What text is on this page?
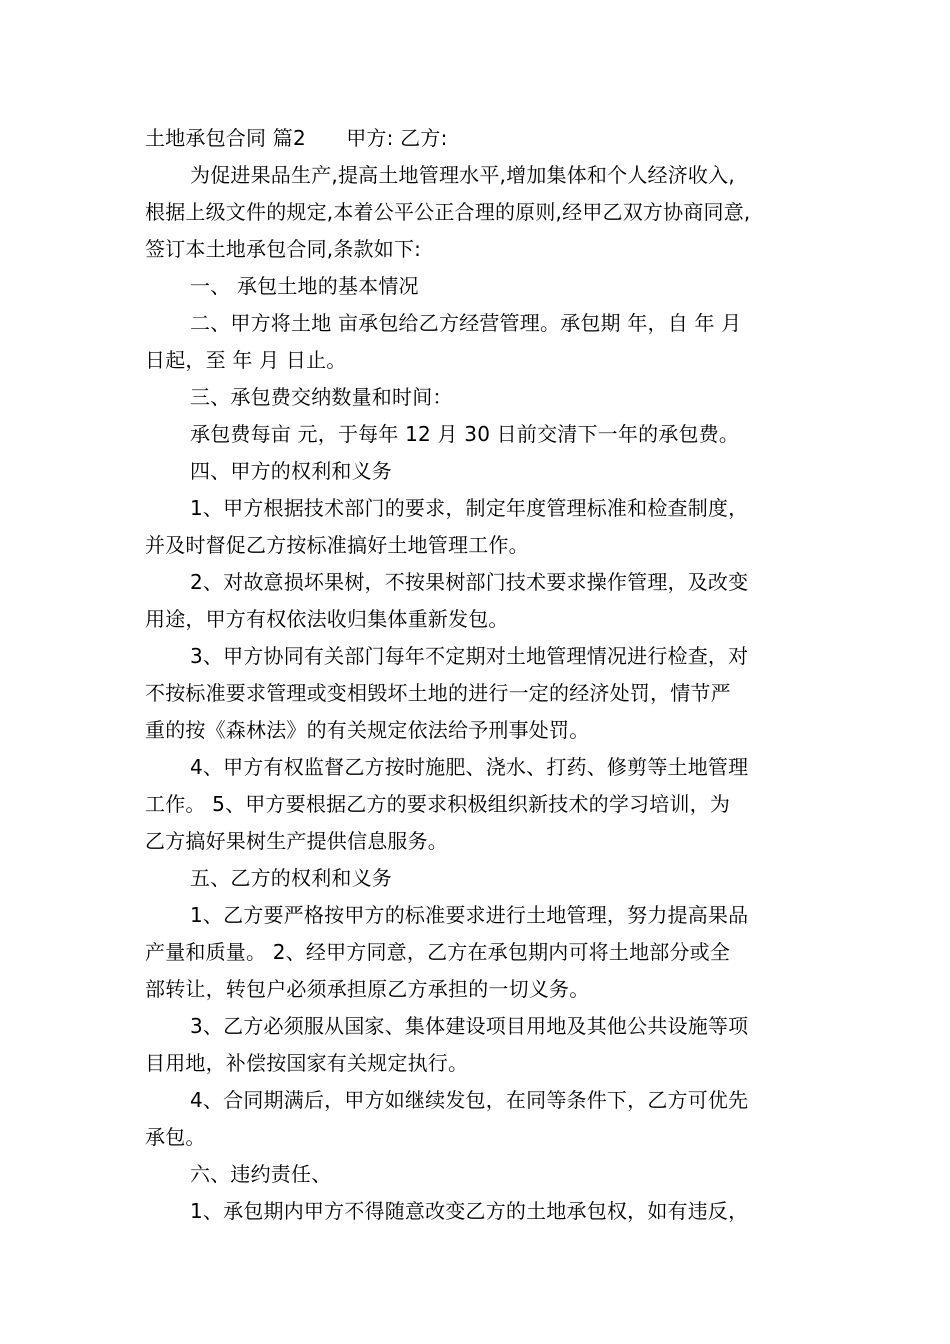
土地承包合同 篇2　　甲方: 乙方:
为促进果品生产,提高土地管理水平,增加集体和个人经济收入,
根据上级文件的规定,本着公平公正合理的原则,经甲乙双方协商同意,
签订本土地承包合同,条款如下:
一、 承包土地的基本情况
二、甲方将土地 亩承包给乙方经营管理。承包期 年，自 年 月
日起，至 年 月 日止。
三、承包费交纳数量和时间：
承包费每亩 元，于每年 12 月 30 日前交清下一年的承包费。
四、甲方的权利和义务
1、甲方根据技术部门的要求，制定年度管理标准和检查制度，
并及时督促乙方按标准搞好土地管理工作。
2、对故意损坏果树，不按果树部门技术要求操作管理，及改变
用途，甲方有权依法收归集体重新发包。
3、甲方协同有关部门每年不定期对土地管理情况进行检查，对
不按标准要求管理或变相毁坏土地的进行一定的经济处罚，情节严
重的按《森林法》的有关规定依法给予刑事处罚。
4、甲方有权监督乙方按时施肥、浇水、打药、修剪等土地管理
工作。 5、甲方要根据乙方的要求积极组织新技术的学习培训，为
乙方搞好果树生产提供信息服务。
五、乙方的权利和义务
1、乙方要严格按甲方的标准要求进行土地管理，努力提高果品
产量和质量。 2、经甲方同意，乙方在承包期内可将土地部分或全
部转让，转包户必须承担原乙方承担的一切义务。
3、乙方必须服从国家、集体建设项目用地及其他公共设施等项
目用地，补偿按国家有关规定执行。
4、合同期满后，甲方如继续发包，在同等条件下，乙方可优先
承包。
六、违约责任、
1、承包期内甲方不得随意改变乙方的土地承包权，如有违反，
